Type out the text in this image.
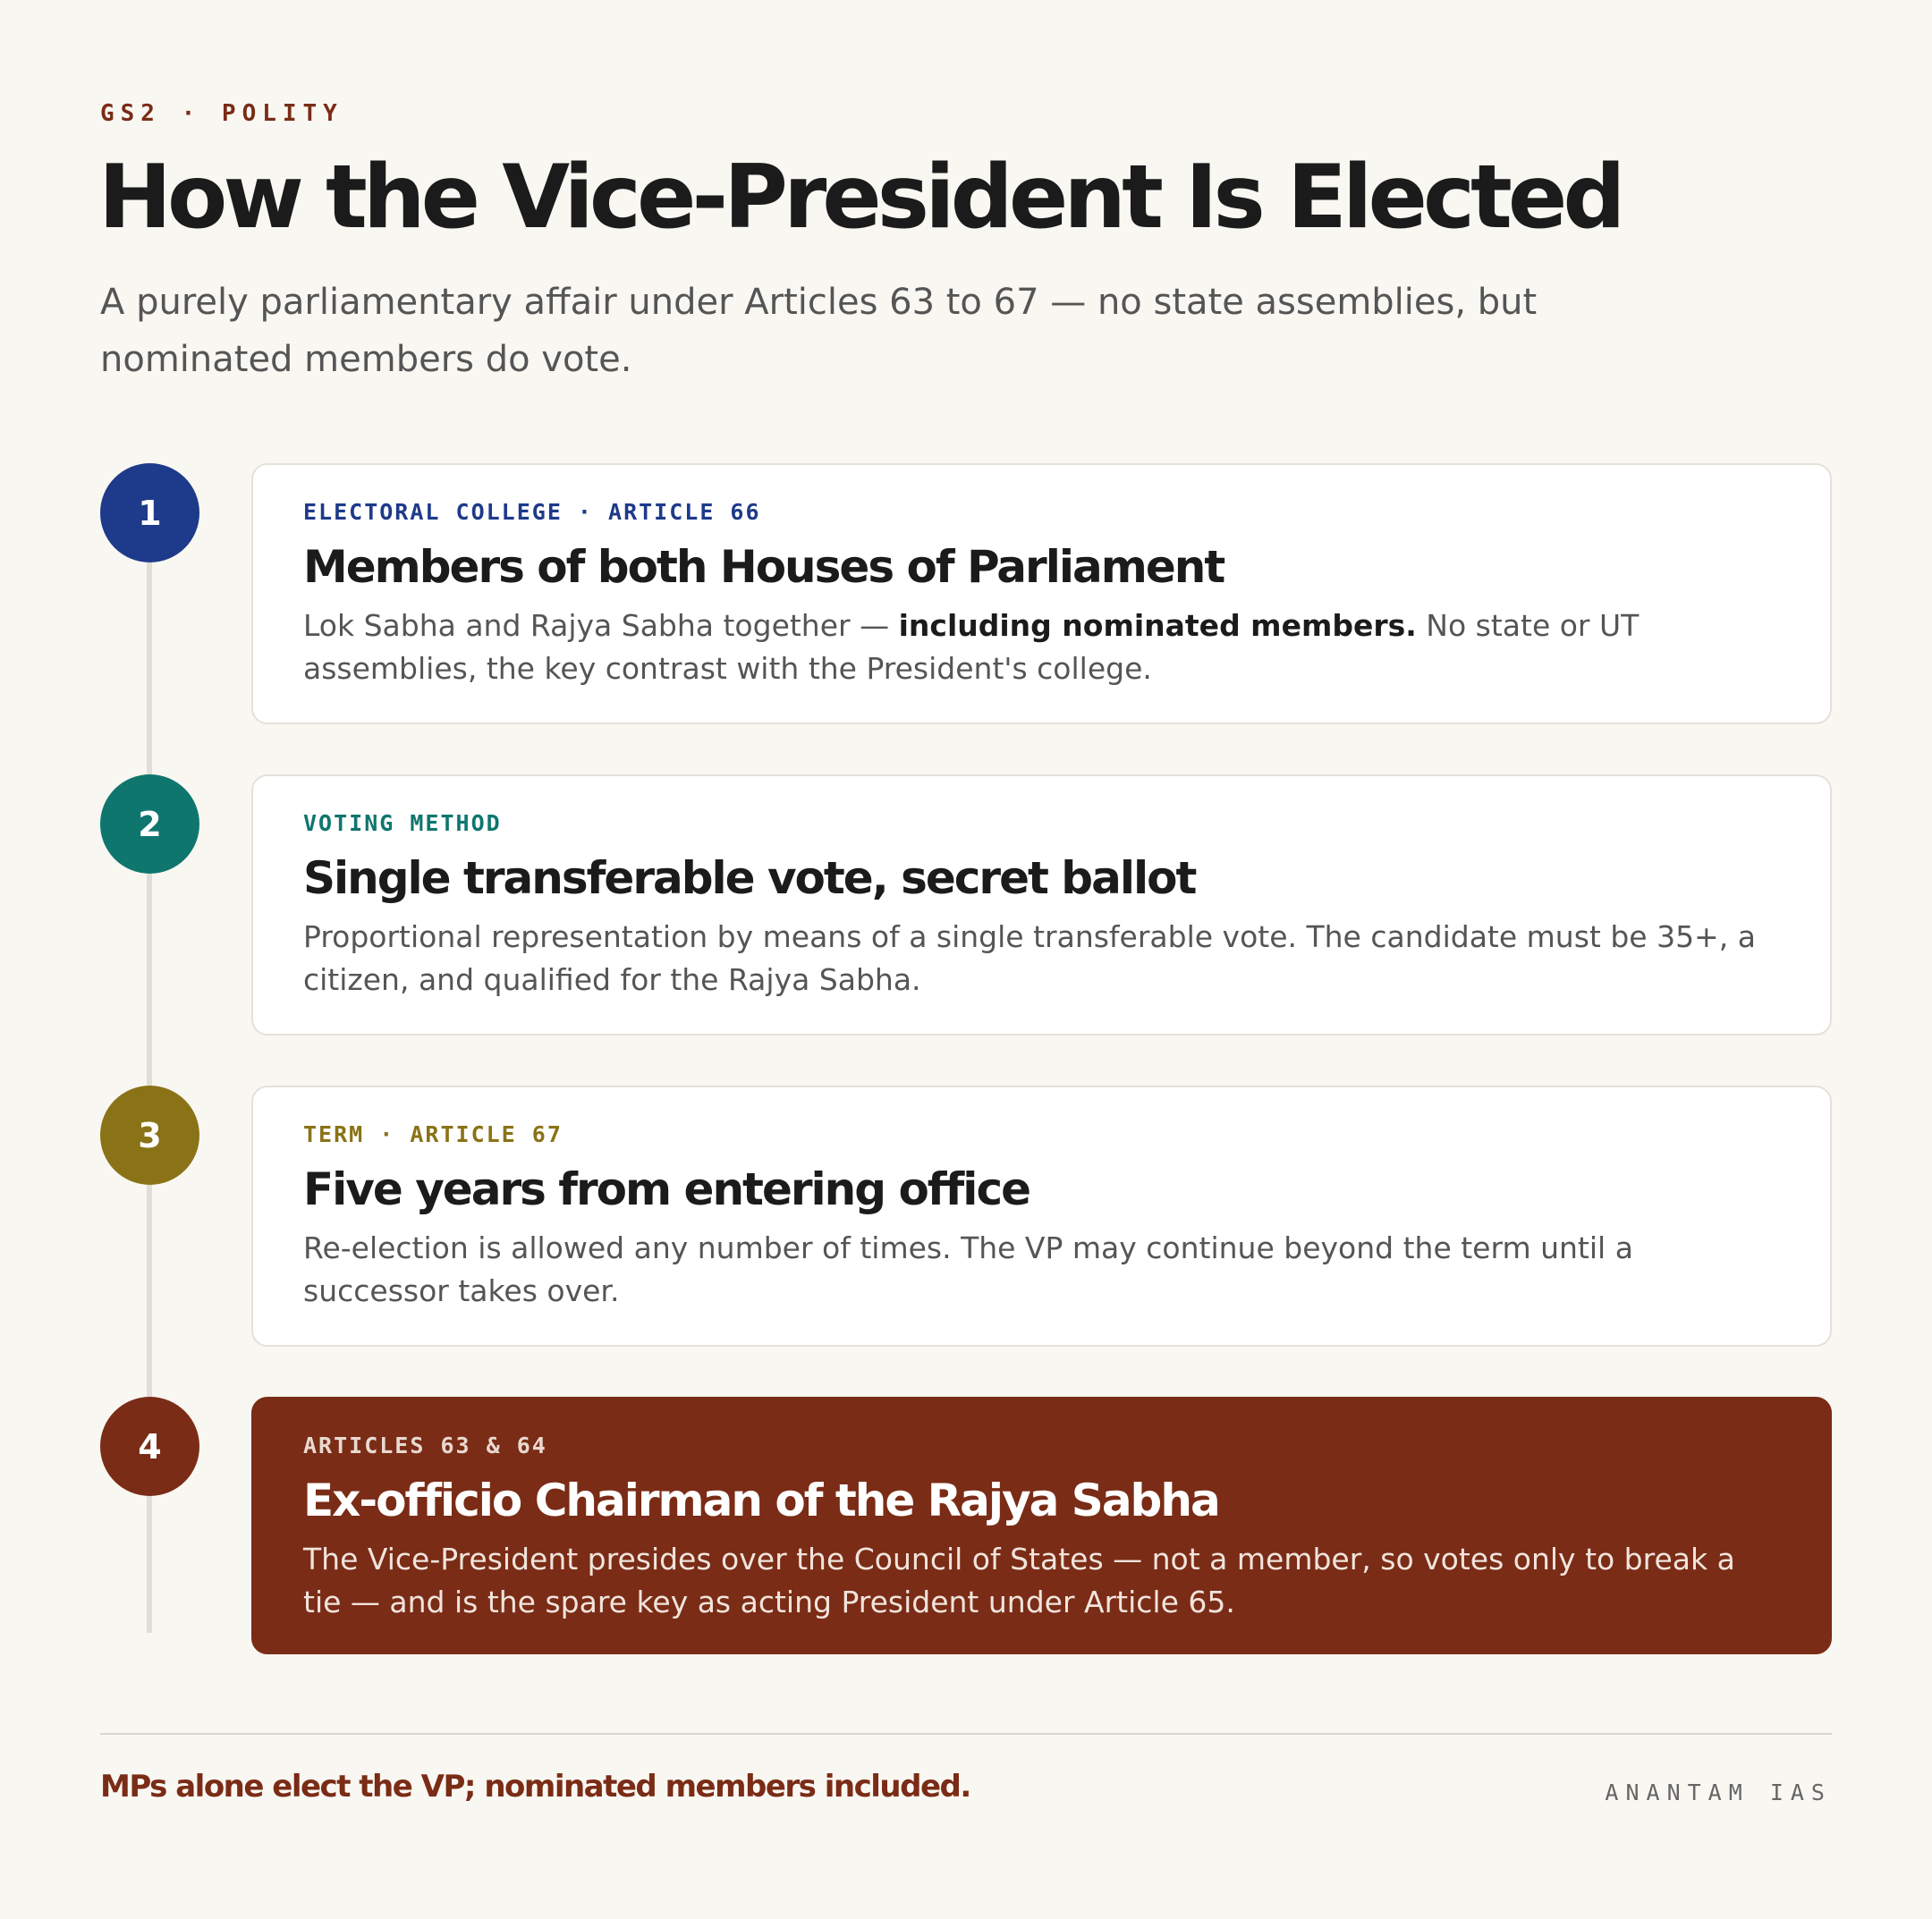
GS2 · POLITY
How the Vice-President Is Elected

A purely parliamentary affair under Articles 63 to 67 — no state assemblies, but nominated members do vote.

1	ELECTORAL COLLEGE · ARTICLE 66
Members of both Houses of Parliament

Lok Sabha and Rajya Sabha together — including nominated members. No state or UT assemblies, the key contrast with the President's college.

2	VOTING METHOD
Single transferable vote, secret ballot

Proportional representation by means of a single transferable vote. The candidate must be 35+, a citizen, and qualified for the Rajya Sabha.

3	TERM · ARTICLE 67
Five years from entering office

Re-election is allowed any number of times. The VP may continue beyond the term until a successor takes over.

4	ARTICLES 63 & 64
Ex-officio Chairman of the Rajya Sabha

The Vice-President presides over the Council of States — not a member, so votes only to break a tie — and is the spare key as acting President under Article 65.

MPs alone elect the VP; nominated members included.	ANANTAM IAS
